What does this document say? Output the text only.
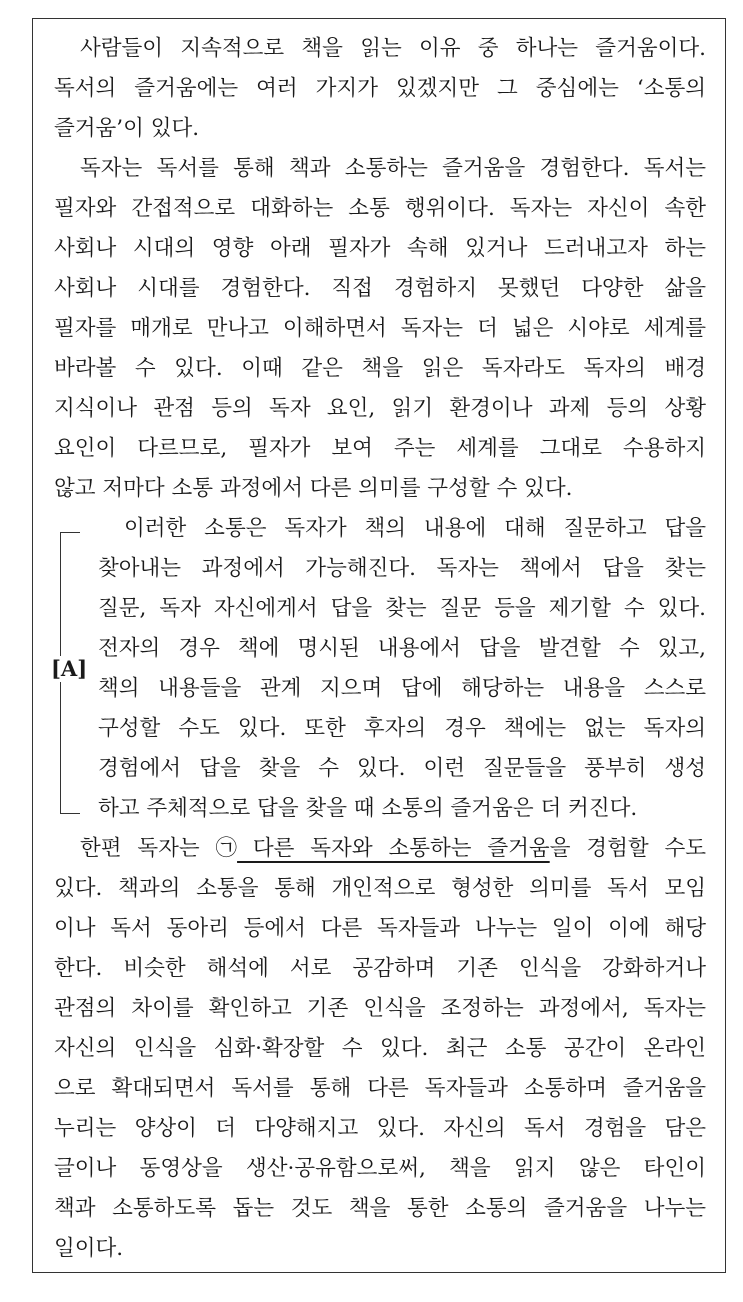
사람들이 지속적으로 책을 읽는 이유 중 하나는 즐거움이다.

독서의 즐거움에는 여러 가지가 있겠지만 그 중심에는 ‘소통의

즐거움’이 있다.

독자는 독서를 통해 책과 소통하는 즐거움을 경험한다. 독서는

필자와 간접적으로 대화하는 소통 행위이다. 독자는 자신이 속한

사회나 시대의 영향 아래 필자가 속해 있거나 드러내고자 하는

사회나 시대를 경험한다. 직접 경험하지 못했던 다양한 삶을

필자를 매개로 만나고 이해하면서 독자는 더 넓은 시야로 세계를

바라볼 수 있다. 이때 같은 책을 읽은 독자라도 독자의 배경

지식이나 관점 등의 독자 요인, 읽기 환경이나 과제 등의 상황

요인이 다르므로, 필자가 보여 주는 세계를 그대로 수용하지

않고 저마다 소통 과정에서 다른 의미를 구성할 수 있다.

[A]

이러한 소통은 독자가 책의 내용에 대해 질문하고 답을

찾아내는 과정에서 가능해진다. 독자는 책에서 답을 찾는

질문, 독자 자신에게서 답을 찾는 질문 등을 제기할 수 있다.

전자의 경우 책에 명시된 내용에서 답을 발견할 수 있고,

책의 내용들을 관계 지으며 답에 해당하는 내용을 스스로

구성할 수도 있다. 또한 후자의 경우 책에는 없는 독자의

경험에서 답을 찾을 수 있다. 이런 질문들을 풍부히 생성

하고 주체적으로 답을 찾을 때 소통의 즐거움은 더 커진다.

한편 독자는 ㉠ 다른 독자와 소통하는 즐거움을 경험할 수도

있다. 책과의 소통을 통해 개인적으로 형성한 의미를 독서 모임

이나 독서 동아리 등에서 다른 독자들과 나누는 일이 이에 해당

한다. 비슷한 해석에 서로 공감하며 기존 인식을 강화하거나

관점의 차이를 확인하고 기존 인식을 조정하는 과정에서, 독자는

자신의 인식을 심화·확장할 수 있다. 최근 소통 공간이 온라인

으로 확대되면서 독서를 통해 다른 독자들과 소통하며 즐거움을

누리는 양상이 더 다양해지고 있다. 자신의 독서 경험을 담은

글이나 동영상을 생산·공유함으로써, 책을 읽지 않은 타인이

책과 소통하도록 돕는 것도 책을 통한 소통의 즐거움을 나누는

일이다.
